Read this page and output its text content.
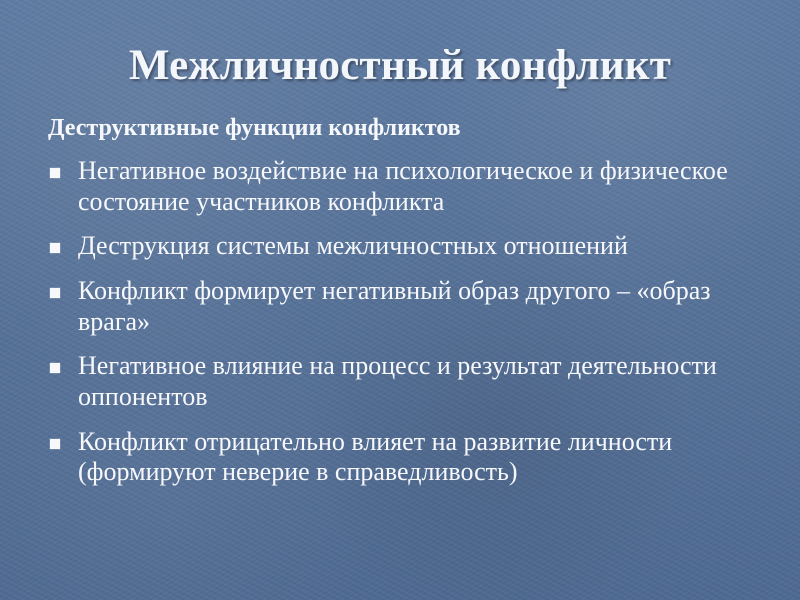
Межличностный конфликт
Деструктивные функции конфликтов
Негативное воздействие на психологическое и физическое состояние участников конфликта
Деструкция системы межличностных отношений
Конфликт формирует негативный образ другого – «образ врага»
Негативное влияние на процесс и результат деятельности оппонентов
Конфликт отрицательно влияет на развитие личности (формируют неверие в справедливость)
